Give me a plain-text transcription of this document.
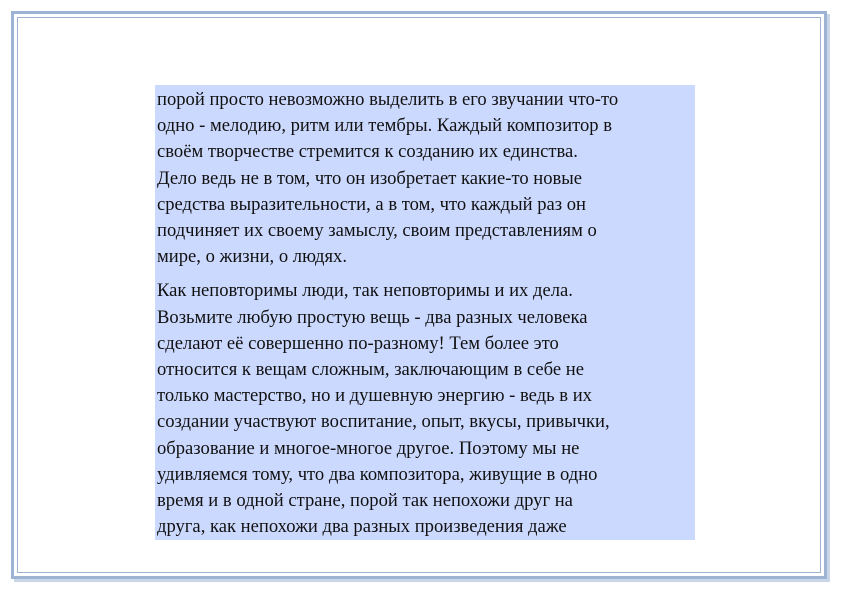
порой просто невозможно выделить в его звучании что-то
одно - мелодию, ритм или тембры. Каждый композитор в
своём творчестве стремится к созданию их единства.
Дело ведь не в том, что он изобретает какие-то новые
средства выразительности, а в том, что каждый раз он
подчиняет их своему замыслу, своим представлениям о
мире, о жизни, о людях.

Как неповторимы люди, так неповторимы и их дела.
Возьмите любую простую вещь - два разных человека
сделают её совершенно по-разному! Тем более это
относится к вещам сложным, заключающим в себе не
только мастерство, но и душевную энергию - ведь в их
создании участвуют воспитание, опыт, вкусы, привычки,
образование и многое-многое другое. Поэтому мы не
удивляемся тому, что два композитора, живущие в одно
время и в одной стране, порой так непохожи друг на
друга, как непохожи два разных произведения даже
